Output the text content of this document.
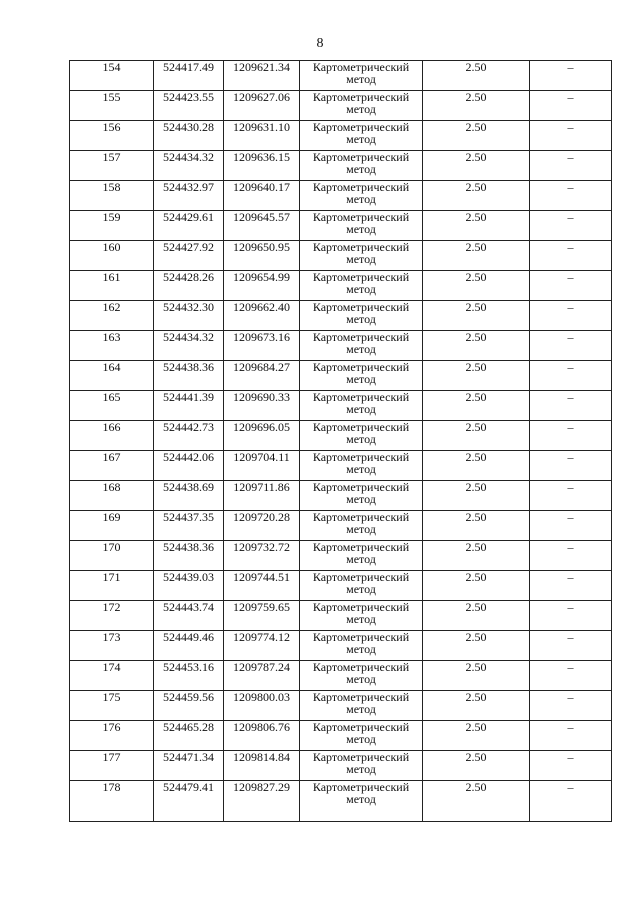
8
154	524417.49	1209621.34	Картометрический метод	2.50	–
155	524423.55	1209627.06	Картометрический метод	2.50	–
156	524430.28	1209631.10	Картометрический метод	2.50	–
157	524434.32	1209636.15	Картометрический метод	2.50	–
158	524432.97	1209640.17	Картометрический метод	2.50	–
159	524429.61	1209645.57	Картометрический метод	2.50	–
160	524427.92	1209650.95	Картометрический метод	2.50	–
161	524428.26	1209654.99	Картометрический метод	2.50	–
162	524432.30	1209662.40	Картометрический метод	2.50	–
163	524434.32	1209673.16	Картометрический метод	2.50	–
164	524438.36	1209684.27	Картометрический метод	2.50	–
165	524441.39	1209690.33	Картометрический метод	2.50	–
166	524442.73	1209696.05	Картометрический метод	2.50	–
167	524442.06	1209704.11	Картометрический метод	2.50	–
168	524438.69	1209711.86	Картометрический метод	2.50	–
169	524437.35	1209720.28	Картометрический метод	2.50	–
170	524438.36	1209732.72	Картометрический метод	2.50	–
171	524439.03	1209744.51	Картометрический метод	2.50	–
172	524443.74	1209759.65	Картометрический метод	2.50	–
173	524449.46	1209774.12	Картометрический метод	2.50	–
174	524453.16	1209787.24	Картометрический метод	2.50	–
175	524459.56	1209800.03	Картометрический метод	2.50	–
176	524465.28	1209806.76	Картометрический метод	2.50	–
177	524471.34	1209814.84	Картометрический метод	2.50	–
178	524479.41	1209827.29	Картометрический метод	2.50	–
